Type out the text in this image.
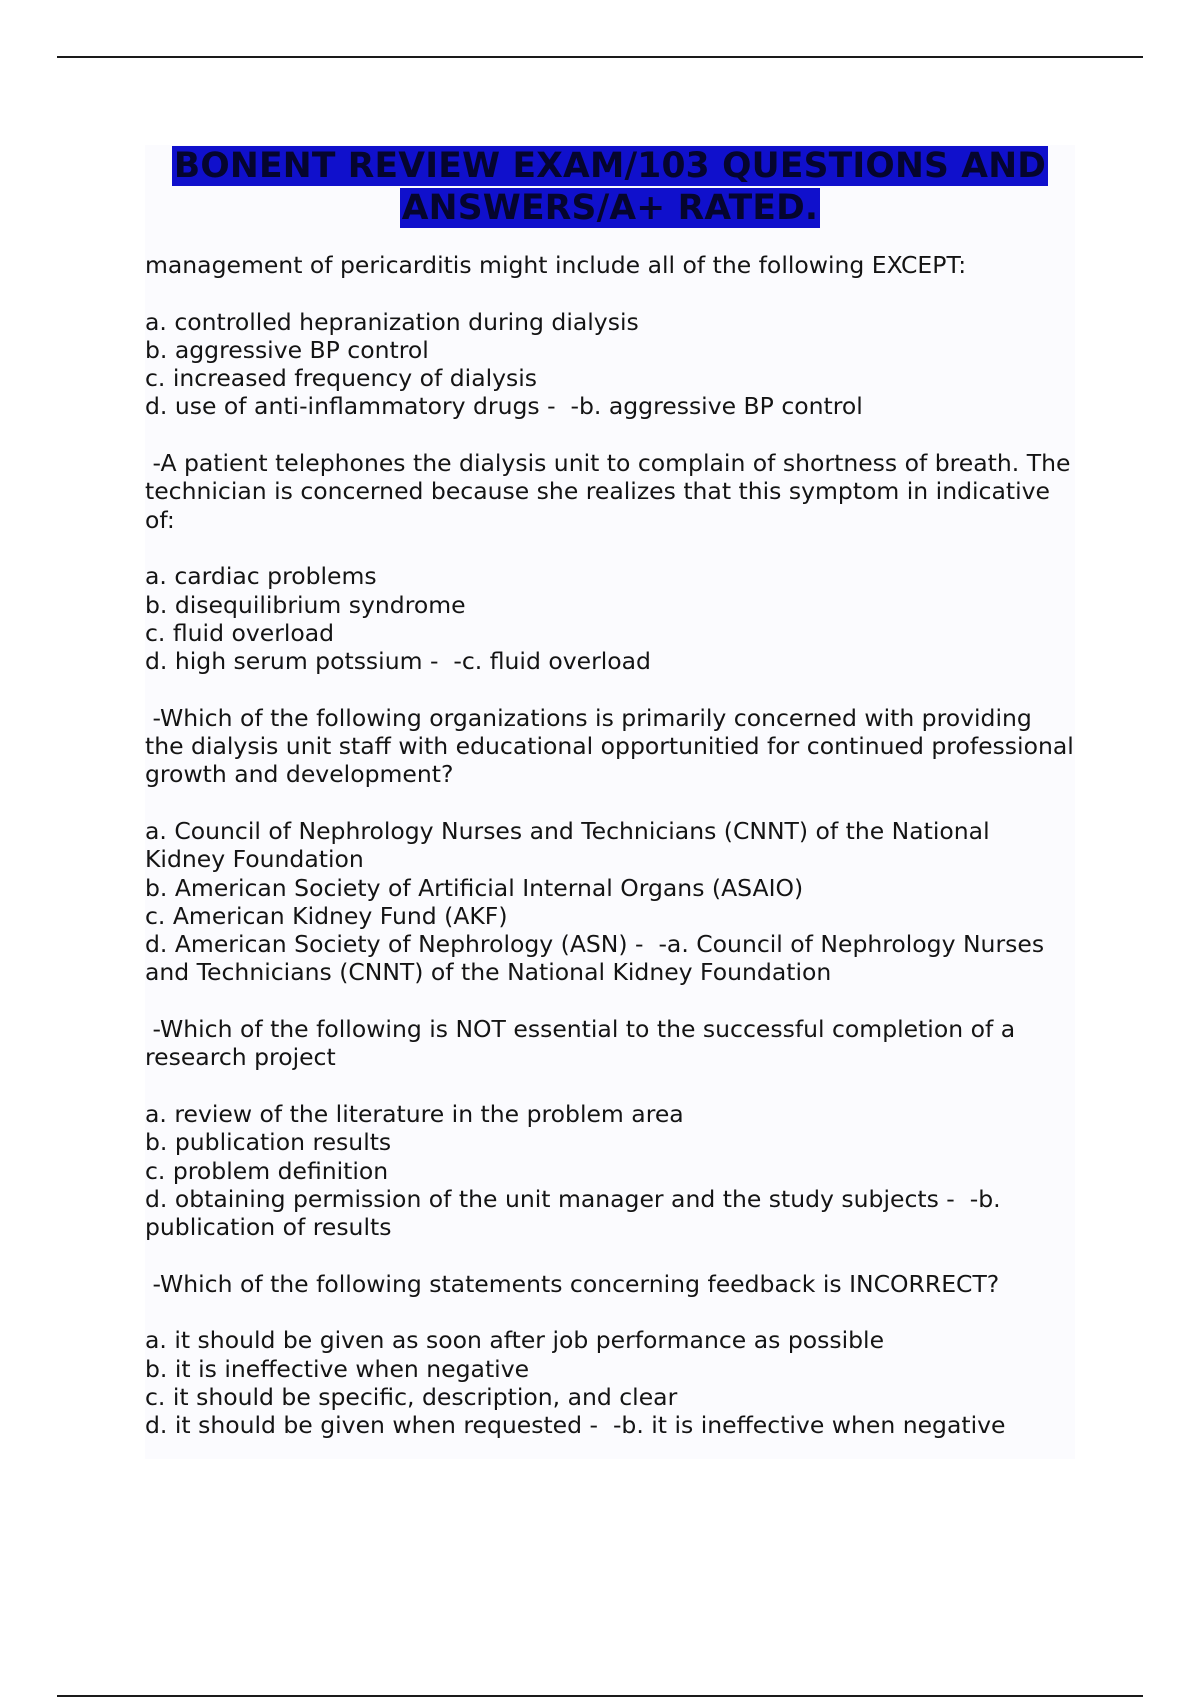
BONENT REVIEW EXAM/103 QUESTIONS AND ANSWERS/A+ RATED.

management of pericarditis might include all of the following EXCEPT:

a. controlled hepranization during dialysis

b. aggressive BP control

c. increased frequency of dialysis

d. use of anti-inflammatory drugs -  -b. aggressive BP control

-A patient telephones the dialysis unit to complain of shortness of breath. The technician is concerned because she realizes that this symptom in indicative of:

a. cardiac problems

b. disequilibrium syndrome

c. fluid overload

d. high serum potssium -  -c. fluid overload

-Which of the following organizations is primarily concerned with providing the dialysis unit staff with educational opportunitied for continued professional growth and development?

a. Council of Nephrology Nurses and Technicians (CNNT) of the National Kidney Foundation

b. American Society of Artificial Internal Organs (ASAIO)

c. American Kidney Fund (AKF)

d. American Society of Nephrology (ASN) -  -a. Council of Nephrology Nurses and Technicians (CNNT) of the National Kidney Foundation

-Which of the following is NOT essential to the successful completion of a research project

a. review of the literature in the problem area

b. publication results

c. problem definition

d. obtaining permission of the unit manager and the study subjects -  -b. publication of results

-Which of the following statements concerning feedback is INCORRECT?

a. it should be given as soon after job performance as possible

b. it is ineffective when negative

c. it should be specific, description, and clear

d. it should be given when requested -  -b. it is ineffective when negative
